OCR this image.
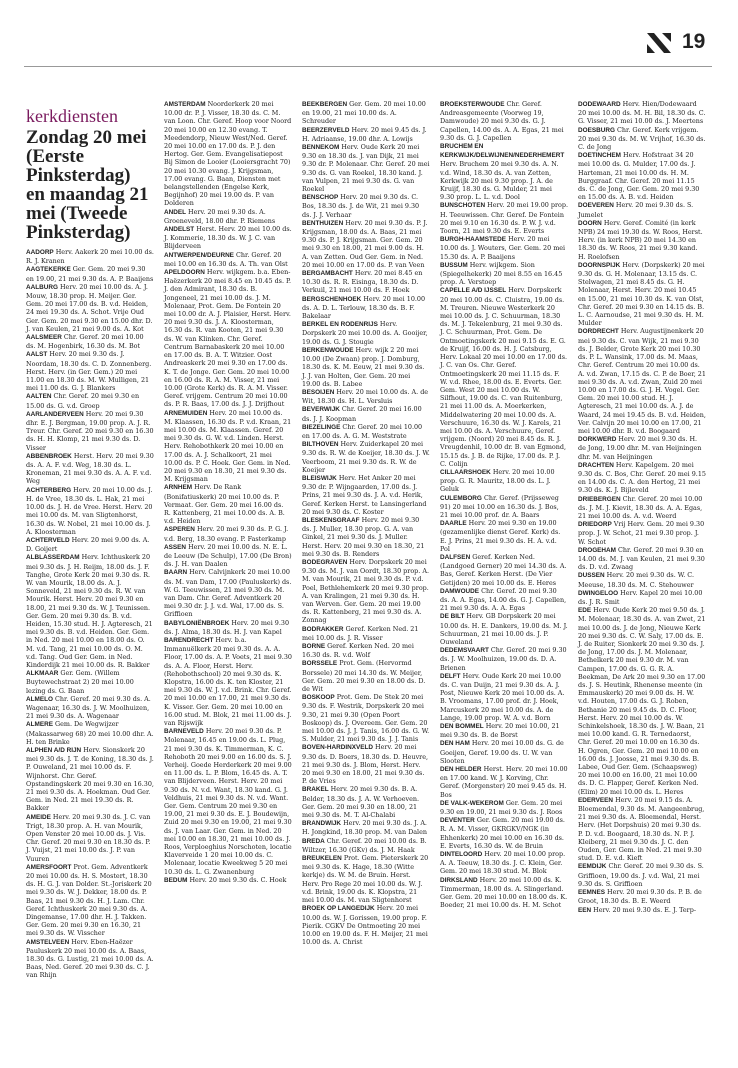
19
kerkdiensten
Zondag 20 mei (Eerste Pinksterdag) en maandag 21 mei (Tweede Pinksterdag)

AADORP Herv. Aakerk 20 mei 10.00 ds. R. J. Kranen

AAGTEKERKE Ger. Gem. 20 mei 9.30 en 19.00, 21 mei 9.30 ds. A. P. Baaijens

AALBURG Herv. 20 mei 10.00 ds. A. J. Mouw, 18.30 prop. H. Meijer. Ger. Gem. 20 mei 17.00 ds. B. v.d. Heiden, 24 mei 19.30 ds. A. Schot. Vrije Oud Ger. Gem. 20 mei 9.30 en 15.00 dhr. D. J. van Keulen, 21 mei 9.00 ds. A. Kot

AALSMEER Chr. Geref. 20 mei 10.00 ds. M. Hogenbirk, 16.30 ds. M. Bot

AALST Herv. 20 mei 9.30 ds. J. Noordam, 18.30 ds. C. D. Zonnenberg. Herst. Herv. (in Ger. Gem.) 20 mei 11.00 en 18.30 ds. M. W. Mulligen, 21 mei 11.00 ds. G. J. Blankers

AALTEN Chr. Geref. 20 mei 9.30 en 15.00 ds. G. v.d. Groep

AARLANDERVEEN Herv. 20 mei 9.30 dhr. E. J. Bergman, 19.00 prop. A. J. R. Treur. Chr. Geref. 20 mei 9.30 en 16.30 ds. H. H. Klomp, 21 mei 9.30 ds. D. Visser

ABBENBROEK Herst. Herv. 20 mei 9.30 ds. A. A. F. v.d. Weg, 18.30 ds. L. Kroneman, 21 mei 9.30 ds. A. A. F. v.d. Weg

ACHTERBERG Herv. 20 mei 10.00 ds. J. H. de Vree, 18.30 ds. L. Hak, 21 mei 10.00 ds. J. H. de Vree. Herst. Herv. 20 mei 10.00 ds. M. van Sligtenhorst, 16.30 ds. W. Nobel, 21 mei 10.00 ds. J. A. Kloosterman

ACHTERVELD Herv. 20 mei 9.00 ds. A. D. Goijert

ALBLASSERDAM Herv. Ichthuskerk 20 mei 9.30 ds. J. H. Reijm, 18.00 ds. J. F. Tanghe, Grote Kerk 20 mei 9.30 ds. R. W. van Mourik, 18.00 ds. A. J. Sonneveld, 21 mei 9.30 ds. R. W. van Mourik. Herst. Herv. 20 mei 9.30 en 18.00, 21 mei 9.30 ds. W. J. Teunissen. Ger. Gem. 20 mei 9.30 ds. B. v.d. Heiden, 15.30 stud. H. J. Agteresch, 21 mei 9.30 ds. B. v.d. Heiden. Ger. Gem. in Ned. 20 mei 10.00 en 18.00 ds. O. M. v.d. Tang, 21 mei 10.00 ds. O. M. v.d. Tang. Oud Ger. Gem. in Ned. Kinderdijk 21 mei 10.00 ds. R. Bakker

ALKMAAR Ger. Gem. (Willem Buytewechstraat 2) 20 mei 10.00 lezing ds. G. Baan

ALMELO Chr. Geref. 20 mei 9.30 ds. A. Wagenaar, 16.30 ds. J. W. Moolhuizen, 21 mei 9.30 ds. A. Wagenaar

ALMERE Gem. De Wegwijzer (Makassarweg 68) 20 mei 10.00 dhr. A. H. ten Brinke

ALPHEN A/D RIJN Herv. Sionskerk 20 mei 9.30 ds. J. T. de Koning, 18.30 ds. J. P. Ouweland, 21 mei 10.00 ds. F. Wijnhorst. Chr. Geref. Opstandingskerk 20 mei 9.30 en 16.30, 21 mei 9.30 ds. A. Hoekman. Oud Ger. Gem. in Ned. 21 mei 19.30 ds. R. Bakker

AMEIDE Herv. 20 mei 9.30 ds. J. C. van Trigt, 18.30 prop. A. H. van Mourik, Open Venster 20 mei 10.00 ds. J. Vis. Chr. Geref. 20 mei 9.30 en 18.30 ds. P. J. Vuijst, 21 mei 10.00 ds. J. P. van Vuuren

AMERSFOORT Prot. Gem. Adventkerk 20 mei 10.00 ds. H. S. Mostert, 18.30 ds. H. G. J. van Dolder. St.-Joriskerk 20 mei 9.30 ds. W. J. Dekker, 18.00 ds. P. Baas, 21 mei 9.30 ds. H. J. Lam. Chr. Geref. Ichthuskerk 20 mei 9.30 ds. A. Dingemanse, 17.00 dhr. H. J. Takken. Ger. Gem. 20 mei 9.30 en 16.30, 21 mei 9.30 ds. W. Visscher

AMSTELVEEN Herv. Eben-Haëzer Pauluskerk 20 mei 10.00 ds. A. Baas, 18.30 ds. G. Lustig, 21 mei 10.00 ds. A. Baas, Ned. Geref. 20 mei 9.30 ds. C. J. van Rhijn

AMSTERDAM Noorderkerk 20 mei 10.00 dr. P. J. Visser, 18.30 ds. C. M. van Loon. Chr. Geref. Hoop voor Noord 20 mei 10.00 en 12.30 evang. T. Meedendorp, Nieuw West/Ned. Geref. 20 mei 10.00 en 17.00 ds. P. J. den Hertog. Ger. Gem. Evangelisatiepost Bij Simon de Looier (Looiersgracht 70) 20 mei 10.30 evang. J. Krijgsman, 17.00 evang. G. Baan, Diensten met belangstellenden (Engelse Kerk, Begijnhof) 20 mei 19.00 ds. P. van Dolderen

ANDEL Herv. 20 mei 9.30 ds. A. Groeneveld, 18.00 dhr. P. Riemens

ANDELST Herst. Herv. 20 mei 10.00 ds. J. Kommerie, 18.30 ds. W. J. C. van Blijderveen

ANTWERPEN/DEURNE Chr. Geref. 20 mei 10.00 en 16.30 ds. A. Th. van Olst

APELDOORN Herv. wijkgem. b.a. Eben-Haëzerkerk 20 mei 8.45 en 10.45 ds. P. J. den Admirant, 18.30 ds. B. Jongeneel, 21 mei 10.00 ds. J. M. Molenaar, Prot. Gem. De Fontein 20 mei 10.00 dr. A. J. Plaisier, Herst. Herv. 20 mei 9.30 ds. J. A. Kloosterman, 16.30 ds. R. van Kooten, 21 mei 9.30 ds. W. van Klinken. Chr. Geref. Centrum Barnabaskerk 20 mei 10.00 en 17.00 ds. B. A. T. Witzier. Oost Andreaskerk 20 mei 9.30 en 17.00 ds. K. T. de Jonge. Ger. Gem. 20 mei 10.00 en 16.00 ds. R. A. M. Visser, 21 mei 10.00 (Grote Kerk) ds. R. A. M. Visser. Geref. vrijgem. Centrum 20 mei 10.00 ds. P. R. Baas, 17.00 ds. J. J. Drijfhout

ARNEMUIDEN Herv. 20 mei 10.00 ds. M. Klaassen, 16.30 ds. P. v.d. Kraan, 21 mei 10.00 ds. M. Klaassen. Geref. 20 mei 9.30 ds. G. W. v.d. Linden. Herst. Herv. Rehobothkerk 20 mei 10.00 en 17.00 ds. A. J. Schalkoort, 21 mei 10.00 ds. P. C. Hoek. Ger. Gem. in Ned. 20 mei 9.30 en 18.30, 21 mei 9.30 ds. M. Krijgsman

ARNHEM Herv. De Rank (Bonifatiuskerk) 20 mei 10.00 ds. P. Vermaat. Ger. Gem. 20 mei 16.00 ds. R. Kattenberg, 21 mei 10.00 ds. A. B. v.d. Heiden

ASPEREN Herv. 20 mei 9.30 ds. P. G. J. v.d. Berg, 18.30 evang. P. Fasterkamp

ASSEN Herv. 20 mei 10.00 ds. N. E. L. de Leeuw (De Schulp), 17.00 (De Bron) ds. J. H. van Daalen

BAARN Herv. Calvijnkerk 20 mei 10.00 ds. M. van Dam, 17.00 (Pauluskerk) ds. W. G. Teeuwissen, 21 mei 9.30 ds. M. van Dam. Chr. Geref. Adventkerk 20 mei 9.30 dr. J. J. v.d. Wal, 17.00 ds. S. Griffioen

BABYLONIËNBROEK Herv. 20 mei 9.30 ds. J. Alma, 18.30 ds. H. J. van Kapel

BARENDRECHT Herv. b.a. Immanuëlkerk 20 mei 9.30 ds. A. A. Floor, 17.00 ds. A. P. Voets, 21 mei 9.30 ds. A. A. Floor, Herst. Herv. (Rehobothschool) 20 mei 9.30 ds. K. Klopstra, 16.00 ds. K. ten Kloster, 21 mei 9.30 ds. W. J. v.d. Brink. Chr. Geref. 20 mei 10.00 en 17.00, 21 mei 9.30 ds. K. Visser. Ger. Gem. 20 mei 10.00 en 16.00 stud. M. Blok, 21 mei 11.00 ds. J. van Rijswijk

BARNEVELD Herv. 20 mei 9.30 ds. P. Molenaar, 16.45 en 19.00 ds. L. Plug, 21 mei 9.30 ds. K. Timmerman, K. C. Rehoboth 20 mei 9.00 en 16.00 ds. S. J. Verheij. Goede Herderkerk 20 mei 9.00 en 11.00 ds. L. P. Blom, 16.45 ds. A. T. van Blijderveen. Herst. Herv. 20 mei 9.30 ds. N. v.d. Want, 18.30 kand. G. J. Veldhuis, 21 mei 9.30 ds. N. v.d. Want. Ger. Gem. Centrum 20 mei 9.30 en 19.00, 21 mei 9.30 ds. E. J. Boudewijn, Zuid 20 mei 9.30 en 19.00, 21 mei 9.30 ds. J. van Laar. Ger. Gem. in Ned. 20 mei 10.00 en 18.30, 21 mei 10.00 ds. J. Roos, Verploeghius Norschoten, locatie Klaverveide 1 20 mei 10.00 ds. C. Molenaar, locatie Kweekweg 5 20 mei 10.30 ds. L. G. Zwanenburg

BEDUM Herv. 20 mei 9.30 ds. C. Hoek

BEEKBERGEN Ger. Gem. 20 mei 10.00 en 19.00, 21 mei 10.00 ds. A. Schreuder

BEERZERVELD Herv. 20 mei 9.45 ds. J. H. Adriaanse, 19.00 dhr. A. Lowijs

BENNEKOM Herv. Oude Kerk 20 mei 9.30 en 18.30 ds. J. van Dijk, 21 mei 9.30 dr. P. Molenaar. Chr. Geref. 20 mei 9.30 ds. G. van Roekel, 18.30 kand. J. van Vulpen, 21 mei 9.30 ds. G. van Roekel

BENSCHOP Herv. 20 mei 9.30 ds. C. Bos, 18.30 ds. J. de Wit, 21 mei 9.30 ds. J. J. Verhaar

BENTHUIZEN Herv. 20 mei 9.30 ds. P. J. Krijgsman, 18.00 ds. A. Baas, 21 mei 9.30 ds. P. J. Krijgsman. Ger. Gem. 20 mei 9.30 en 18.00, 21 mei 9.00 ds. H. A. van Zetten. Oud Ger. Gem. in Ned. 20 mei 10.00 en 17.00 ds. P. van Veen

BERGAMBACHT Herv. 20 mei 8.45 en 10.30 ds. R. R. Eisinga, 18.30 ds. D. Verkuil, 21 mei 10.00 ds. F. Hoek

BERGSCHENHOEK Herv. 20 mei 10.00 ds. A. D. L. Terlouw, 18.30 ds. B. F. Bakelaar

BERKEL EN RODENRIJS Herv. Dorpskerk 20 mei 10.00 ds. A. Gooijer, 19.00 ds. G. J. Stougie

BERKENWOUDE Herv. wijk 2 20 mei 10.00 (De Zwaan) prop. J. Domburg, 18.30 ds. K. M. Eeuw, 21 mei 9.30 ds. J. J. van Holten, Ger. Gem. 20 mei 19.00 ds. B. Labee

BESOIJEN Herv. 20 mei 10.00 ds. A. de Wit, 18.30 ds. H. L. Versluis

BEVERWIJK Chr. Geref. 20 mei 16.00 ds. J. J. Koopman

BIEZELINGE Chr. Geref. 20 mei 10.00 en 17.00 ds. A. G. M. Weststrate

BILTHOVEN Herv. Zuiderkapel 20 mei 9.30 ds. R. W. de Koeijer, 18.30 ds. J. W. Veerboom, 21 mei 9.30 ds. R. W. de Koeijer

BLEISWIJK Herv. Het Anker 20 mei 9.30 dr. P. Wijngaarden, 17.00 ds. J. Prins, 21 mei 9.30 ds. J. A. v.d. Herik, Geref. Kerken Herst. te Lansingerland 20 mei 9.30 ds. C. Koster

BLESKENSGRAAF Herv. 20 mei 9.30 ds. J. Muller, 18.30 prop. G. A. van Ginkel, 21 mei 9.30 ds. J. Muller. Herst. Herv. 20 mei 9.30 en 18.30, 21 mei 9.30 ds. B. Renders

BODEGRAVEN Herv. Dorpskerk 20 mei 9.30 ds. M. J. van Oordt, 18.30 prop. A. M. van Mourik, 21 mei 9.30 ds. P. v.d. Poel, Bethlehemkerk 20 mei 9.30 prop. A. van Kralingen, 21 mei 9.30 ds. H. van Werven. Ger. Gem. 20 mei 19.00 ds. R. Kattenberg, 21 mei 9.30 ds. A. Zonnag

BODRAKKER Geref. Kerken Ned. 21 mei 10.00 ds. J. R. Visser

BORNE Geref. Kerken Ned. 20 mei 16.30 ds. R. v.d. Wolf

BORSSELE Prot. Gem. (Hervormd Borssele) 20 mei 14.30 ds. W. Meijer, Ger. Gem. 20 mei 9.30 en 18.00 ds. D. de Wit

BOSKOOP Prot. Gem. De Stek 20 mei 9.30 ds. F. Westrik, Dorpskerk 20 mei 9.30, 21 mei 9.30 (Open Poort Boskoop) ds. J. Overeem. Ger. Gem. 20 mei 10.00 ds. J. J. Tanis, 16.00 ds. G. W. S. Mulder, 21 mei 9.30 ds. J. J. Tanis

BOVEN-HARDINXVELD Herv. 20 mei 9.30 ds. D. Boers, 18.30 ds. D. Heuvre, 21 mei 9.30 ds. J. Blom, Herst. Herv. 20 mei 9.30 en 18.00, 21 mei 9.30 ds. P. de Vries

BRAKEL Herv. 20 mei 9.30 ds. B. A. Belder, 18.30 ds. J. A. W. Verhoeven. Ger. Gem. 20 mei 9.30 en 18.00, 21 mei 9.30 ds. M. T. Al-Chalabi

BRANDWIJK Herv. 20 mei 9.30 ds. J. A. H. Jongkind, 18.30 prop. M. van Dalen

BREDA Chr. Geref. 20 mei 10.00 ds. B. Wiltzer, 16.30 (GKv) ds. J. M. Haak

BREUKELEN Prot. Gem. Pieterskerk 20 mei 9.30 ds. K. Hage, 18.30 (Witte kerkje) ds. W. M. de Bruin. Herst. Herv. Pro Rege 20 mei 10.00 ds. W. J. v.d. Brink, 19.00 ds. K. Klopstra, 21 mei 10.00 ds. M. van Sligtenhorst

BROEK OP LANGEDIJK Herv. 20 mei 10.00 ds. W. J. Gorissen, 19.00 prop. F. Pierik. CGKV De Ontmoeting 20 mei 10.00 en 19.00 ds. F. H. Meijer, 21 mei 10.00 ds. A. Christ

BROEKSTERWOUDE Chr. Geref. Andreasgemeente (Voorweg 19, Damwoude) 20 mei 9.30 ds. G. J. Capellen, 14.00 ds. A. A. Egas, 21 mei 9.30 ds. G. J. Capellen

BRUCHEM EN KERKWIJK/DELWIJNEN/NEDERHEMERT Herv. Bruchem 20 mei 9.30 ds. A. N. v.d. Wind, 18.30 ds. A. van Zetten, Kerkwijk 20 mei 9.30 prop. J. A. de Kruijf, 18.30 ds. G. Mulder, 21 mei 9.30 prop. L. L. v.d. Dool

BUNSCHOTEN Herv. 20 mei 19.00 prop. H. Teeuwissen. Chr. Geref. De Fontein 20 mei 9.10 en 16.30 ds. P. W. J. v.d. Toorn, 21 mei 9.30 ds. E. Everts

BURGH-HAAMSTEDE Herv. 20 mei 10.00 ds. J. Wouters, Ger. Gem. 20 mei 15.30 ds. A. P. Baaijens

BUSSUM Herv. wijkgem. Sion (Spiegelhekerk) 20 mei 8.55 en 16.45 prop. A. Verstoep

CAPELLE A/D IJSSEL Herv. Dorpskerk 20 mei 10.00 ds. C. Cluistra, 19.00 ds. M. Treuren. Nieuwe Westerkerk 20 mei 10.00 ds. J. C. Schuurman, 18.30 ds. M. J. Tekelenburg, 21 mei 9.30 ds. J. C. Schuurman, Prot. Gem. De Ontmoetingskerk 20 mei 9.15 ds. E. G. de Kruijf, 16.00 ds. H. J. Catsburg, Herv. Lokaal 20 mei 10.00 en 17.00 ds. J. C. van Os. Chr. Geref. Ontmoetingskerk 20 mei 11.15 ds. F. W. v.d. Rhee, 18.00 ds. E. Everts. Ger. Gem. West 20 mei 10.00 ds. W. Silfhout, 19.00 ds. C. van Ruitenburg, 21 mei 11.00 ds. A. Moerkerken, Middelwatering 20 mei 10.00 ds. A. Verschuure, 16.30 ds. W. J. Karels, 21 mei 10.00 ds. A. Verschuure, Geref. vrijgem. (Noord) 20 mei 8.45 ds. R. J. Vreugdenhil, 10.00 dr. B. van Egmond, 15.15 ds. J. B. de Rijke, 17.00 ds. P. J. C. Colijn

CILLAARSHOEK Herv. 20 mei 10.00 prop. G. R. Mauritz, 18.00 ds. L. J. Geluk

CULEMBORG Chr. Geref. (Prijsseweg 91) 20 mei 10.00 en 16.30 ds. J. Bos, 21 mei 10.00 prof. dr. A. Baars

DAARLE Herv. 20 mei 9.30 en 19.00 (gezamenlijke dienst Geref. Kerk) ds. E. J. Prins, 21 mei 9.30 ds. H. A. v.d. Pol

DALFSEN Geref. Kerken Ned. (Landgoed Gerner) 20 mei 14.30 ds. A. Bas, Geref. Kerken Herst. (De Vier Getijden) 20 mei 10.00 ds. E. Heres

DAMWOUDE Chr. Geref. 20 mei 9.30 ds. A. A. Egas, 14.00 ds. G. J. Capellen, 21 mei 9.30 ds. A. A. Egas

DE BILT Herv. GB Dorpskerk 20 mei 10.00 ds. H. E. Dankers, 19.00 ds. M. J. Schuurman, 21 mei 10.00 ds. J. P. Ouweland

DEDEMSVAART Chr. Geref. 20 mei 9.30 ds. J. W. Moolhuizen, 19.00 ds. D. A. Brienen

DELFT Herv. Oude Kerk 20 mei 10.00 ds. C. van Duijn, 21 mei 9.30 ds. A. J. Post, Nieuwe Kerk 20 mei 10.00 ds. A. B. Vroomans, 17.00 prof. dr. J. Hoek, Marcuskerk 20 mei 10.00 ds. A. de Lange, 19.00 prop. W. A. v.d. Born

DEN BOMMEL Herv. 20 mei 10.00, 21 mei 9.30 ds. B. de Borst

DEN HAM Herv. 20 mei 10.00 ds. G. de Goeijen, Geref. 19.00 ds. U. W. van Slooten

DEN HELDER Herst. Herv. 20 mei 10.00 en 17.00 kand. W. J. Korving, Chr. Geref. (Morgenster) 20 mei 9.45 ds. H. Bos

DE VALK-WEKEROM Ger. Gem. 20 mei 9.30 en 19.00, 21 mei 9.30 ds. J. Roos

DEVENTER Ger. Gem. 20 mei 19.00 ds. R. A. M. Visser, GKRGKV/NGK (in Ehhenkerk) 20 mei 10.00 en 16.30 ds. E. Everts, 16.30 ds. W. de Bruin

DINTELOORD Herv. 20 mei 10.00 prop. A. A. Teeuw, 18.30 ds. J. C. Klein, Ger. Gem. 20 mei 18.30 stud. M. Blok

DIRKSLAND Herv. 20 mei 10.00 ds. K. Timmerman, 18.00 ds. A. Slingerland. Ger. Gem. 20 mei 10.00 en 18.00 ds. K. Boeder, 21 mei 10.00 ds. H. M. Schot

DODEWAARD Herv. Hien/Dodewaard 20 mei 10.00 ds. M. H. Bil, 18.30 ds. C. G. Visser, 21 mei 10.00 ds. J. Meertens

DOESBURG Chr. Geref. Kerk vrijgem. 20 mei 9.30 ds. M. W. Vrijhof, 16.30 ds. C. de Jong

DOETINCHEM Herv. Hofstraat 34 20 mei 10.00 ds. G. Mulder, 17.00 ds. J. Harteman, 21 mei 10.00 ds. H. M. Burggraaf. Chr. Geref. 20 mei 11.15 ds. C. de Jong, Ger. Gem. 20 mei 9.30 en 15.00 ds. A. B. v.d. Heiden

DOEVEREN Herv. 20 mei 9.30 ds. S. Jumelet

DOORN Herv. Geref. Comité (in kerk NPB) 24 mei 19.30 ds. W. Roos, Herst. Herv. (in kerk NPB) 20 mei 14.30 en 18.30 ds. W. Roos, 21 mei 9.30 kand. H. Roelofsen

DOORNSPIJK Herv. (Dorpskerk) 20 mei 9.30 ds. G. H. Molenaar, 13.15 ds. C. Stelwagen, 21 mei 8.45 ds. G. H. Molenaar, Herst. Herv. 20 mei 10.45 en 15.00, 21 mei 10.30 ds. K. van Olst, Chr. Geref. 20 mei 9.30 en 14.15 ds. B. L. C. Aarnoudse, 21 mei 9.30 ds. H. M. Mulder

DORDRECHT Herv. Augustijnenkerk 20 mei 9.30 ds. C. van Wijk, 21 mei 9.30 ds. J. Belder, Grote Kerk 20 mei 10.30 ds. P. L. Wansink, 17.00 ds. M. Maas, Chr. Geref. Centrum 20 mei 10.00 ds. A. v.d. Zwan, 17.15 ds. C. P. de Boer, 21 mei 9.30 ds. A. v.d. Zwan, Zuid 20 mei 10.00 en 17.00 ds. G. J. H. Vogel. Ger. Gem. 20 mei 10.00 stud. H. J. Agteresch, 21 mei 10.00 ds. A. J. de Waard, 24 mei 19.45 ds. B. v.d. Heiden, Ver. Calvijn 20 mei 10.00 en 17.00, 21 mei 10.00 dhr. B. v.d. Boogaard

DORKWERD Herv. 20 mei 9.30 ds. H. de Jong, 19.00 dhr. M. van Heijningen dhr. M. van Heijningen

DRACHTEN Herv. Kapelgem. 20 mei 9.30 ds. C. Bos, Chr. Geref. 20 mei 9.15 en 14.00 ds. C. A. den Hertog, 21 mei 9.30 ds. K. J. Bijleveld

DRIEBERGEN Chr. Geref. 20 mei 10.00 ds. J. M. J. Kievit, 18.30 ds. A. A. Egas, 21 mei 10.00 ds. A. v.d. Weerd

DRIEDORP Vrij Herv. Gem. 20 mei 9.30 prop. J. W. Schot, 21 mei 9.30 prop. J. W. Schot

DROGEHAM Chr. Geref. 20 mei 9.30 en 14.00 ds. M. J. van Keulen, 21 mei 9.30 ds. D. v.d. Zwaag

DUSSEN Herv. 20 mei 9.30 ds. W. C. Meeuse, 18.30 ds. M. C. Stehouwer

DWINGELOO Herv. Kapel 20 mei 10.00 ds. J. R. Smit

EDE Herv. Oude Kerk 20 mei 9.50 ds. J. M. Molenaar, 18.30 ds. A. van Zwet, 21 mei 10.00 ds. J. de Jong, Nieuwe Kerk 20 mei 9.30 ds. C. W. Saly, 17.00 ds. E. J. de Ruiter, Sionkerk 20 mei 9.30 ds. J. de Jong, 17.00 ds. J. M. Molenaar, Bethelkerk 20 mei 9.30 dr. M. van Campen, 17.00 ds. G. G. R. A. Beekman, De Ark 20 mei 9.30 en 17.00 ds. J. S. Heutink, Rhenense meente (in Emmauskerk) 20 mei 9.00 ds. H. W. v.d. Houten, 17.00 ds. G. J. Roben, Bethanie 20 mei 9.45 ds. D. C. Floor, Herst. Herv. 20 mei 10.00 ds. W. Schinkelshoek, 18.30 ds. J. W. Baan, 21 mei 10.00 kand. G. R. Ternedaorst, Chr. Geref. 20 mei 10.00 en 16.30 ds. H. Ogren, Ger. Gem. 20 mei 10.00 en 16.00 ds. J. Joosse, 21 mei 9.30 ds. B. Labee, Oud Ger. Gem. (Schaapsweg) 20 mei 10.00 en 16.00, 21 mei 10.00 ds. D. C. Flapper, Geref. Kerken Ned. (Elim) 20 mei 10.00 ds. L. Heres

EDERVEEN Herv. 20 mei 9.15 ds. A. Bloemendal, 9.30 ds. M. Aangeenbrug, 21 mei 9.30 ds. A. Bloemendal, Herst. Herv. (Het Dorpshuis) 20 mei 9.30 ds. P. D. v.d. Boogaard, 18.30 ds. N. P. J. Kleiberg, 21 mei 9.30 ds. J. C. den Ouden, Ger. Gem. in Ned. 21 mei 9.30 stud. D. E. v.d. Kieft

EEMDIJK Chr. Geref. 20 mei 9.30 ds. S. Griffioen, 19.00 ds. J. v.d. Wal, 21 mei 9.30 ds. S. Griffioen

EEMNES Herv. 20 mei 9.30 ds. P. B. de Groot, 18.30 ds. B. E. Weerd

EEN Herv. 20 mei 9.30 ds. E. J. Terp-
